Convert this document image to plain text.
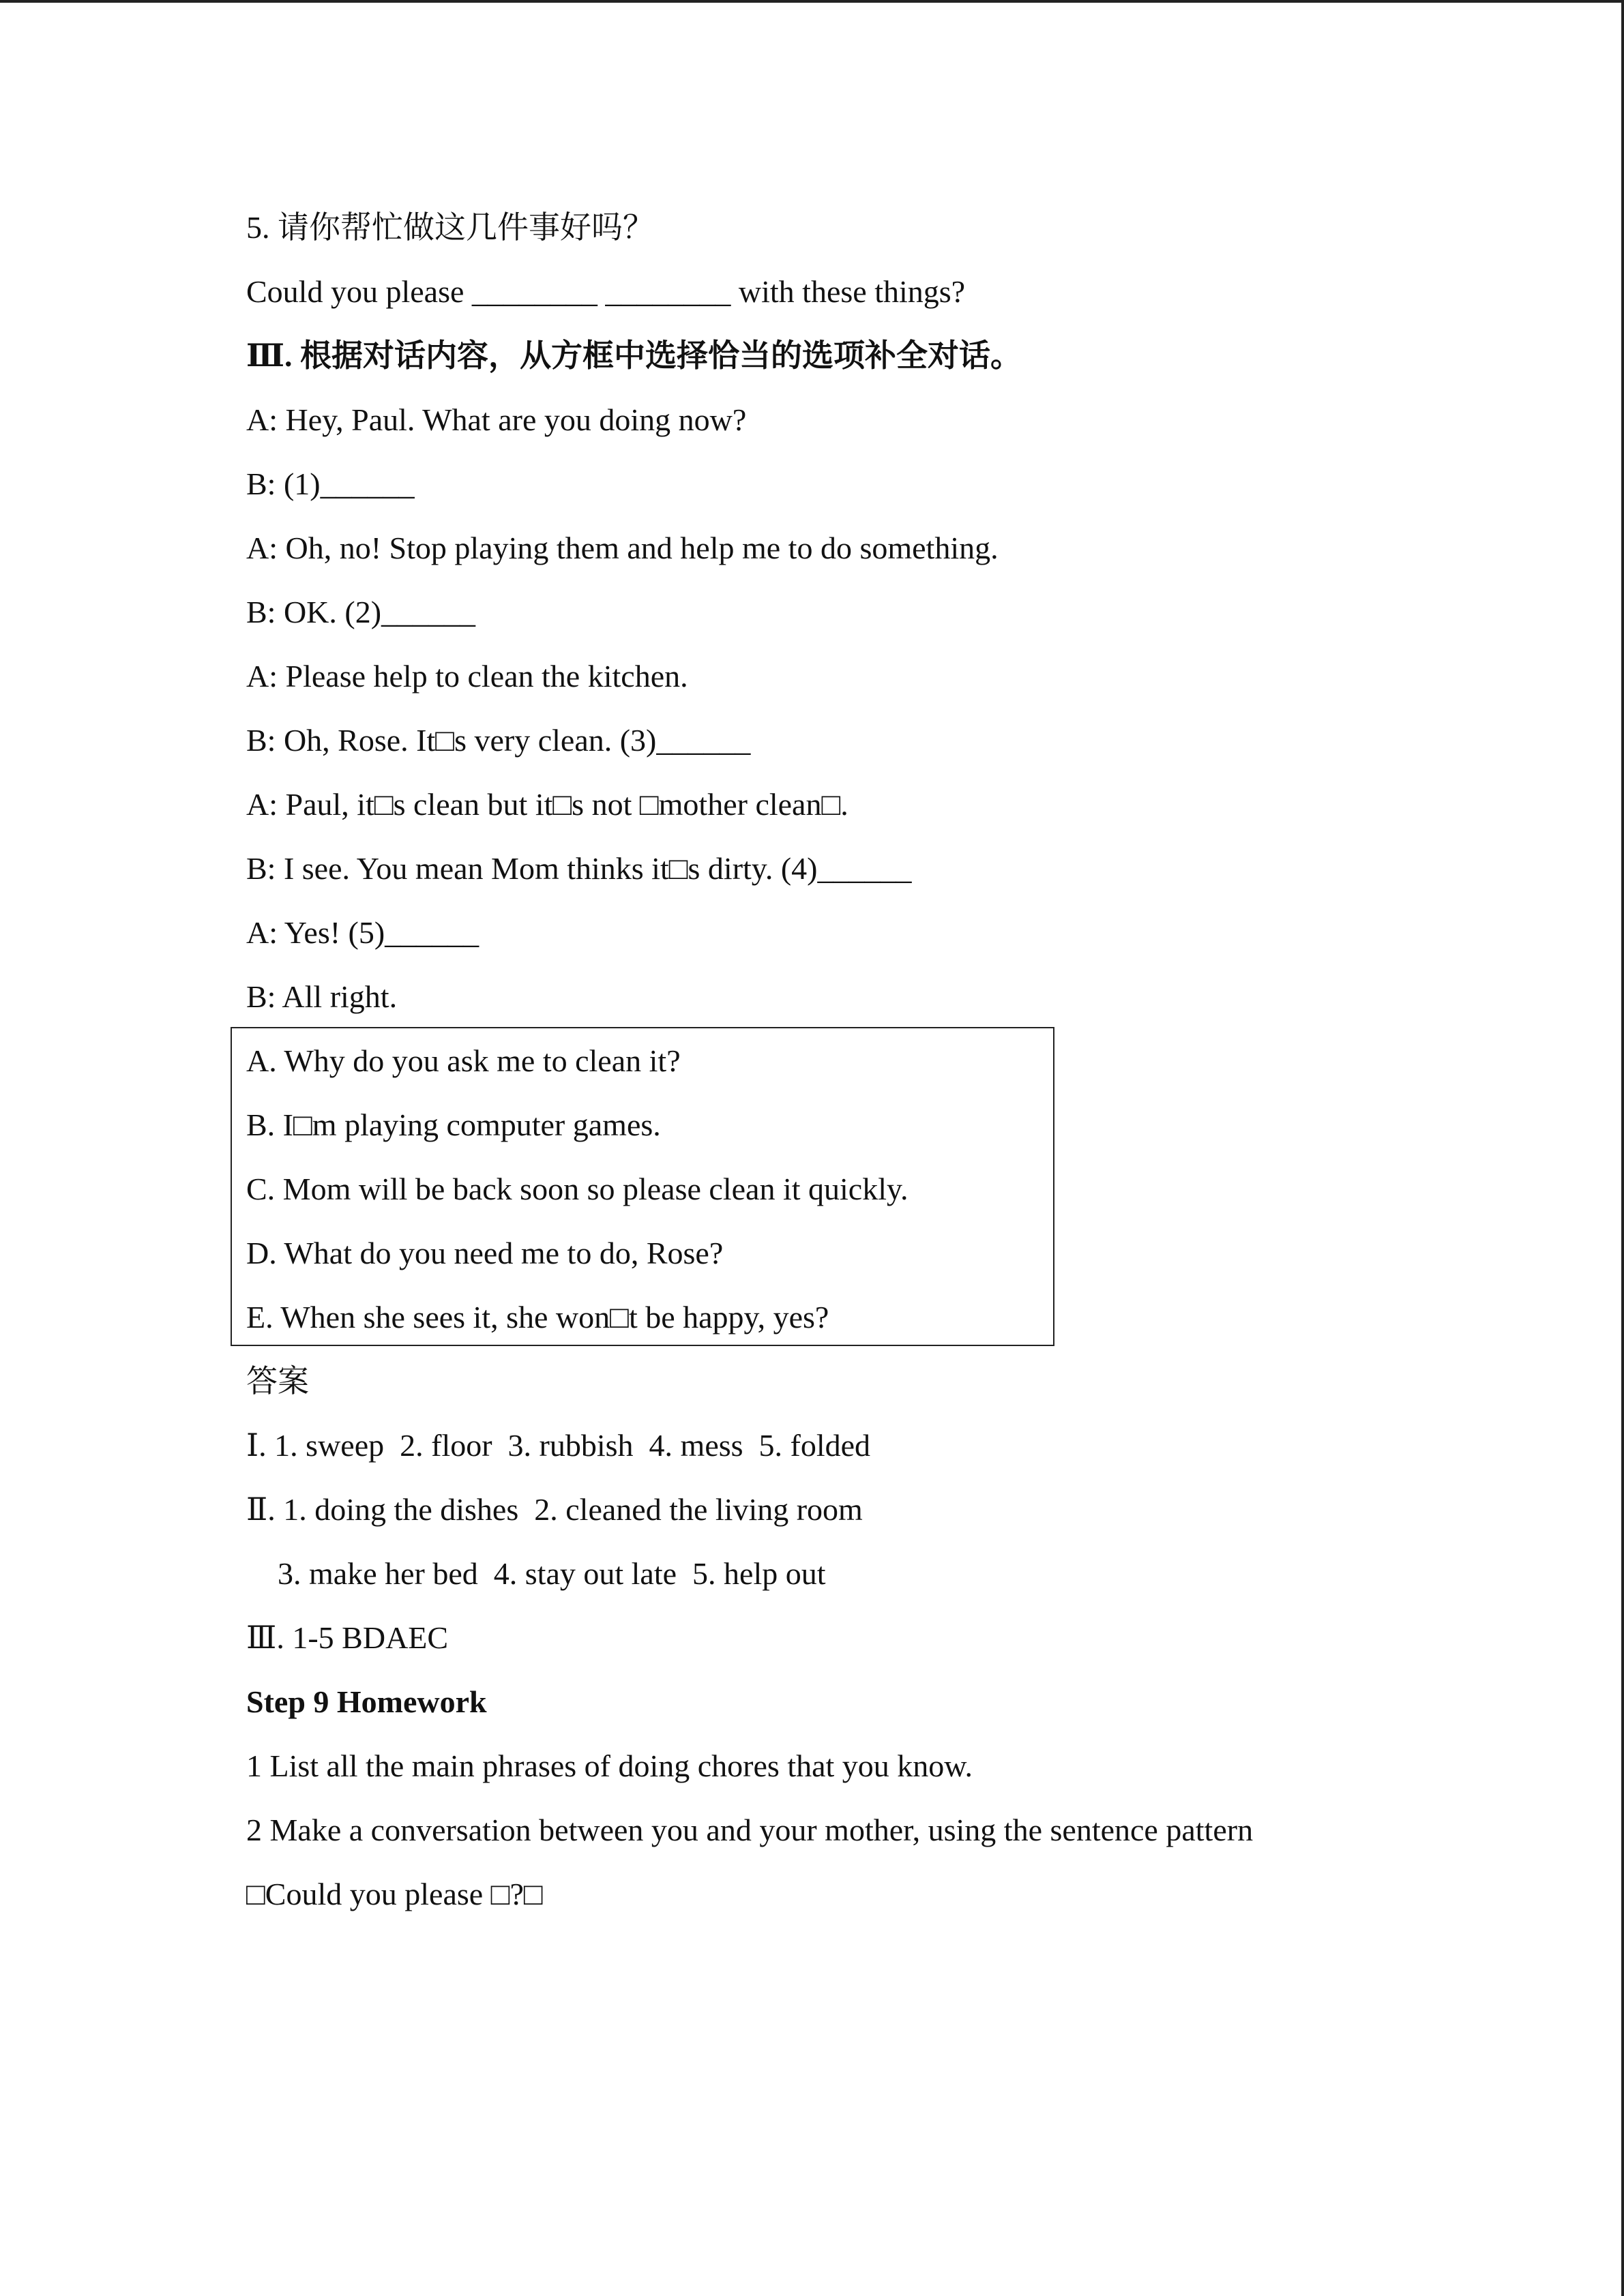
5. 请你帮忙做这几件事好吗？
Could you please ________ ________ with these things?
Ⅲ. 根据对话内容，从方框中选择恰当的选项补全对话。
A: Hey, Paul. What are you doing now?
B: (1)______
A: Oh, no! Stop playing them and help me to do something.
B: OK. (2)______
A: Please help to clean the kitchen.
B: Oh, Rose. It□s very clean. (3)______
A: Paul, it□s clean but it□s not □mother clean□.
B: I see. You mean Mom thinks it□s dirty. (4)______
A: Yes! (5)______
B: All right.
A. Why do you ask me to clean it?
B. I□m playing computer games.
C. Mom will be back soon so please clean it quickly.
D. What do you need me to do, Rose?
E. When she sees it, she won□t be happy, yes?
答案
Ⅰ. 1. sweep  2. floor  3. rubbish  4. mess  5. folded
Ⅱ. 1. doing the dishes  2. cleaned the living room
3. make her bed  4. stay out late  5. help out
Ⅲ. 1-5 BDAEC
Step 9 Homework
1 List all the main phrases of doing chores that you know.
2 Make a conversation between you and your mother, using the sentence pattern
□Could you please □?□
